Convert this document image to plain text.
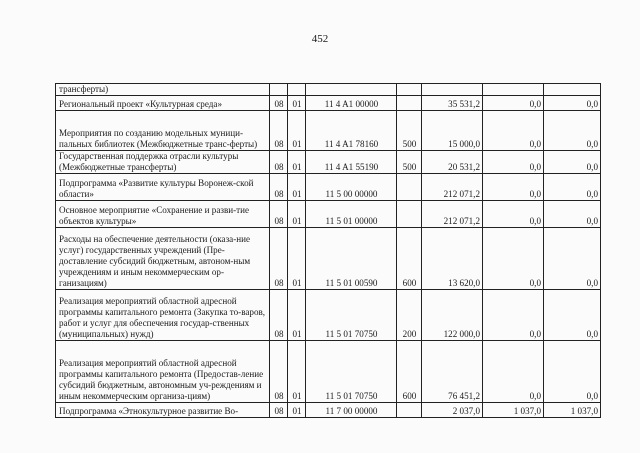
452
трансферты)							
Региональный проект «Культурная среда»	08	01	11 4 A1 00000		35 531,2	0,0	0,0
Мероприятия по созданию модельных муници-пальных библиотек (Межбюджетные транс-ферты)	08	01	11 4 A1 78160	500	15 000,0	0,0	0,0
Государственная поддержка отрасли культуры (Межбюджетные трансферты)	08	01	11 4 A1 55190	500	20 531,2	0,0	0,0
Подпрограмма «Развитие культуры Воронеж-ской области»	08	01	11 5 00 00000		212 071,2	0,0	0,0
Основное мероприятие «Сохранение и разви-тие объектов культуры»	08	01	11 5 01 00000		212 071,2	0,0	0,0
Расходы на обеспечение деятельности (оказа-ние услуг) государственных учреждений (Пре-доставление субсидий бюджетным, автоном-ным учреждениям и иным некоммерческим ор-ганизациям)	08	01	11 5 01 00590	600	13 620,0	0,0	0,0
Реализация мероприятий областной адресной программы капитального ремонта (Закупка то-варов, работ и услуг для обеспечения государ-ственных (муниципальных) нужд)	08	01	11 5 01 70750	200	122 000,0	0,0	0,0
Реализация мероприятий областной адресной программы капитального ремонта (Предостав-ление субсидий бюджетным, автономным уч-реждениям и иным некоммерческим организа-циям)	08	01	11 5 01 70750	600	76 451,2	0,0	0,0
Подпрограмма «Этнокультурное развитие Во-	08	01	11 7 00 00000		2 037,0	1 037,0	1 037,0
